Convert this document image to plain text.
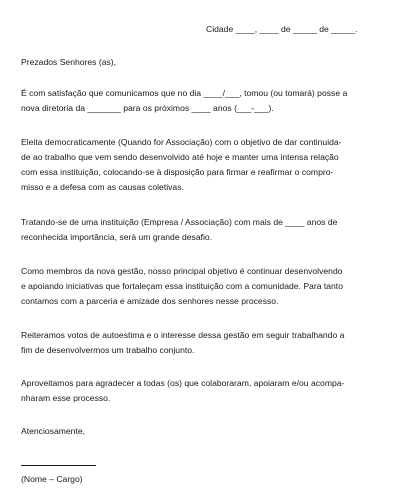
Cidade ____, ____ de _____ de _____.
Prezados Senhores (as),
É com satisfação que comunicamos que no dia ____/___, tomou (ou tomará) posse a
nova diretoria da _______ para os próximos ____ anos (___-___).
Eleita democraticamente (Quando for Associação) com o objetivo de dar continuida-
de ao trabalho que vem sendo desenvolvido até hoje e manter uma intensa relação
com essa instituição, colocando-se à disposição para firmar e reafirmar o compro-
misso e a defesa com as causas coletivas.
Tratando-se de uma instituição (Empresa / Associação) com mais de ____ anos de
reconhecida importância, será um grande desafio.
Como membros da nova gestão, nosso principal objetivo é continuar desenvolvendo
e apoiando iniciativas que fortaleçam essa instituição com a comunidade. Para tanto
contamos com a parceria e amizade dos senhores nesse processo.
Reiteramos votos de autoestima e o interesse dessa gestão em seguir trabalhando a
fim de desenvolvermos um trabalho conjunto.
Aproveitamos para agradecer a todas (os) que colaboraram, apoiaram e/ou acompa-
nharam esse processo.
Atenciosamente,
(Nome – Cargo)
